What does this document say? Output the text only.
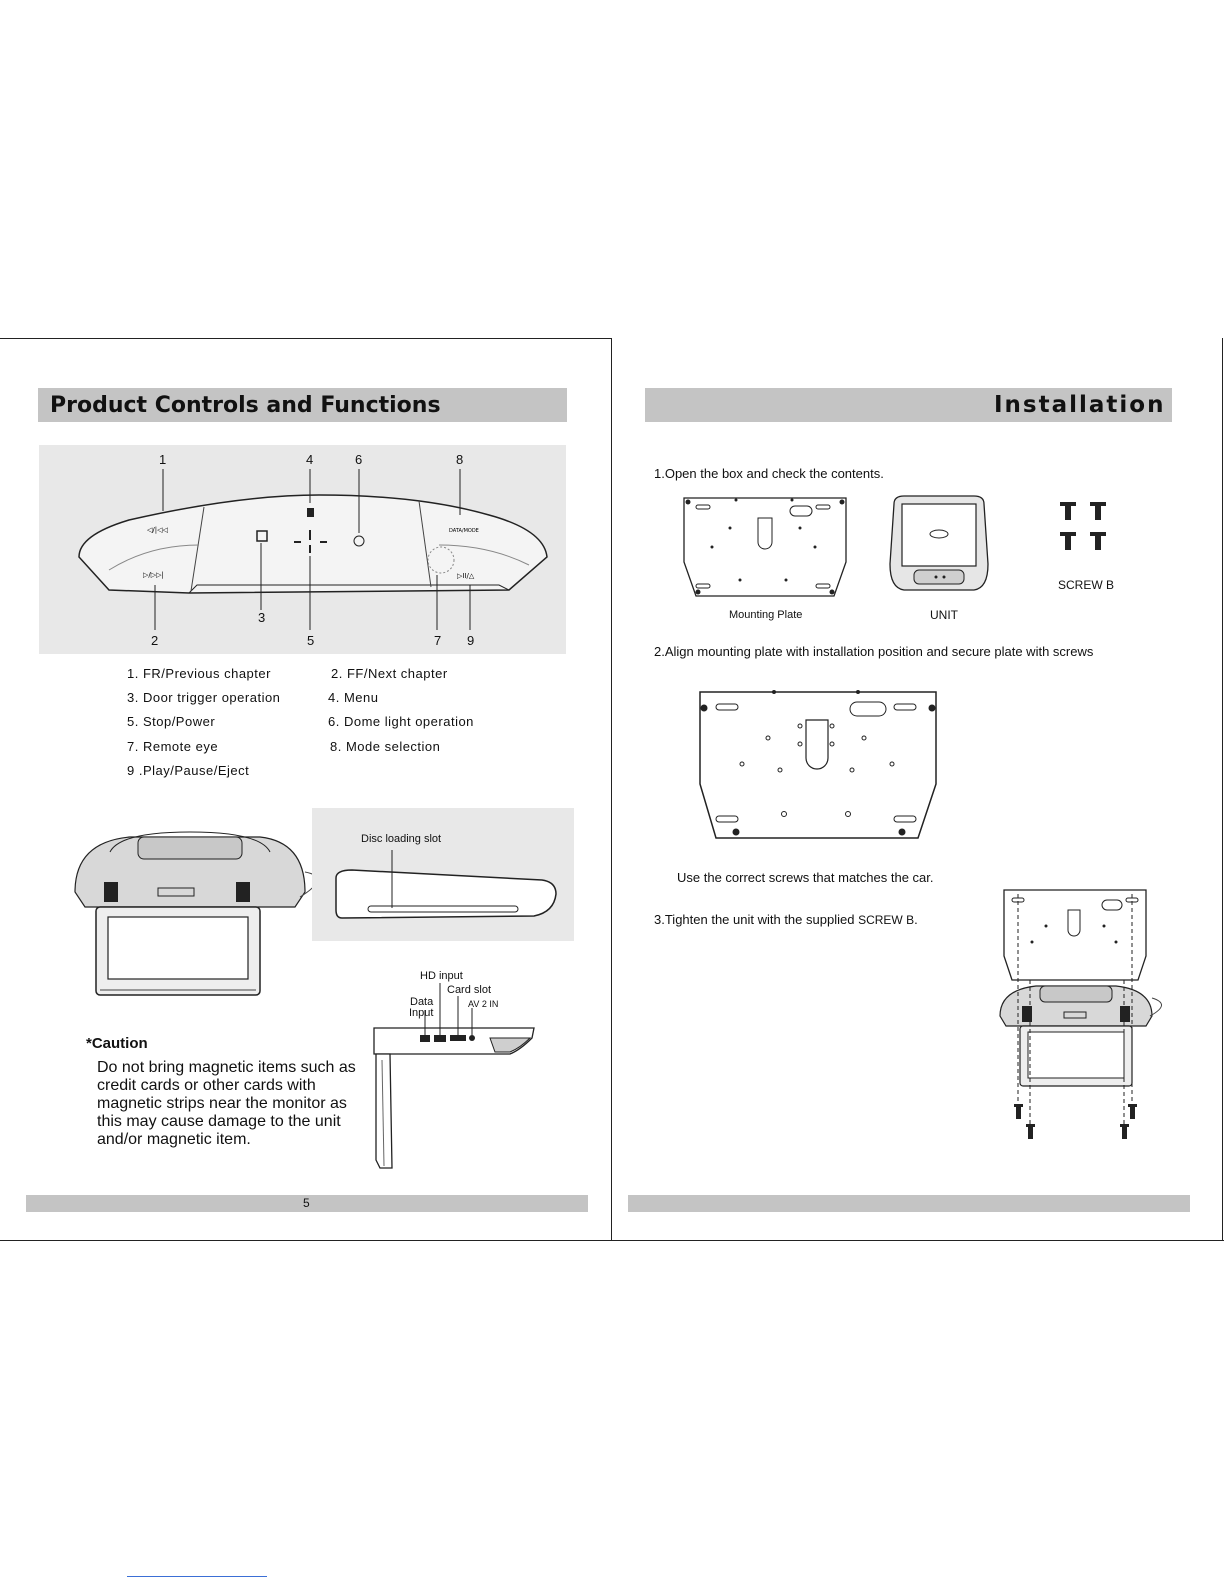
Product Controls and Functions
◁/|◁◁
▷/▷▷|
DATA/MODE
▷II/△
1	4	6	8
2
3
5	7 9
1. FR/Previous chapter	2. FF/Next chapter
3. Door trigger operation	4. Menu
5. Stop/Power	6. Dome light operation
7. Remote eye	8. Mode selection
9 .Play/Pause/Eject
Disc loading slot
HD input
Card slot
Data
Input
AV 2 IN
*Caution
Do not bring magnetic items such as credit cards or other cards with magnetic strips near the monitor as this may cause damage to the unit and/or magnetic item.
5
Installation
1.Open the box and check the contents.
Mounting Plate	UNIT
SCREW B
2.Align mounting plate with installation position and secure plate with screws
Use the correct screws that matches the car.
3.Tighten the unit with the supplied SCREW B.
